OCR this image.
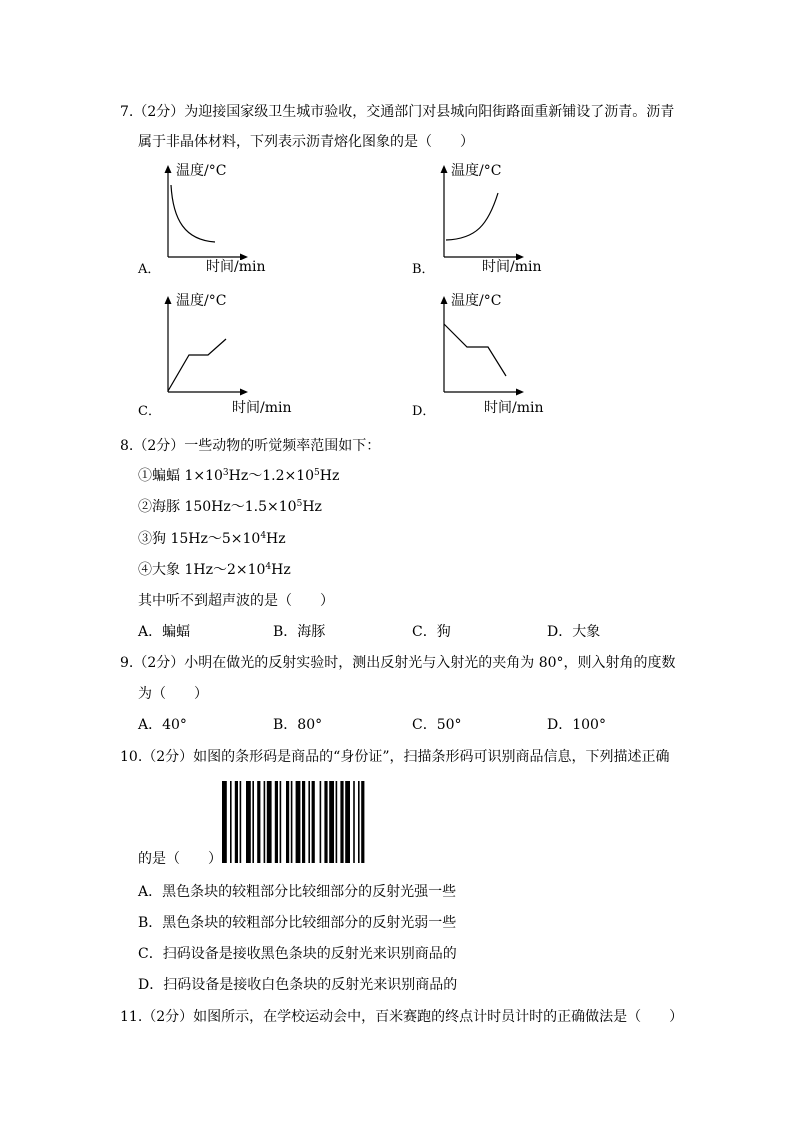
7.（2分）为迎接国家级卫生城市验收，交通部门对县城向阳街路面重新铺设了沥青。沥青
属于非晶体材料，下列表示沥青熔化图象的是（　　）
温度/°C
时间/min
A．
温度/°C
时间/min
B．
温度/°C
时间/min
C．
温度/°C
时间/min
D．
8.（2分）一些动物的听觉频率范围如下：
①蝙蝠 $1\times 10^3Hz\sim 1.2\times 10^5Hz$
②海豚 $150Hz\sim 1.5\times 10^5Hz$
③狗 $15Hz\sim 5\times 10^4Hz$
④大象 $1Hz\sim 2\times 10^4Hz$
其中听不到超声波的是（　　）
A．蝙蝠	B．海豚	C．狗	D．大象
9.（2分）小明在做光的反射实验时，测出反射光与入射光的夹角为 80°，则入射角的度数
为（　　）
A．40°	B．80°	C．50°	D．100°
10.（2分）如图的条形码是商品的“身份证”，扫描条形码可识别商品信息，下列描述正确
的是（　　）
A．黑色条块的较粗部分比较细部分的反射光强一些
B．黑色条块的较粗部分比较细部分的反射光弱一些
C．扫码设备是接收黑色条块的反射光来识别商品的
D．扫码设备是接收白色条块的反射光来识别商品的
11.（2分）如图所示，在学校运动会中，百米赛跑的终点计时员计时的正确做法是（　　）
